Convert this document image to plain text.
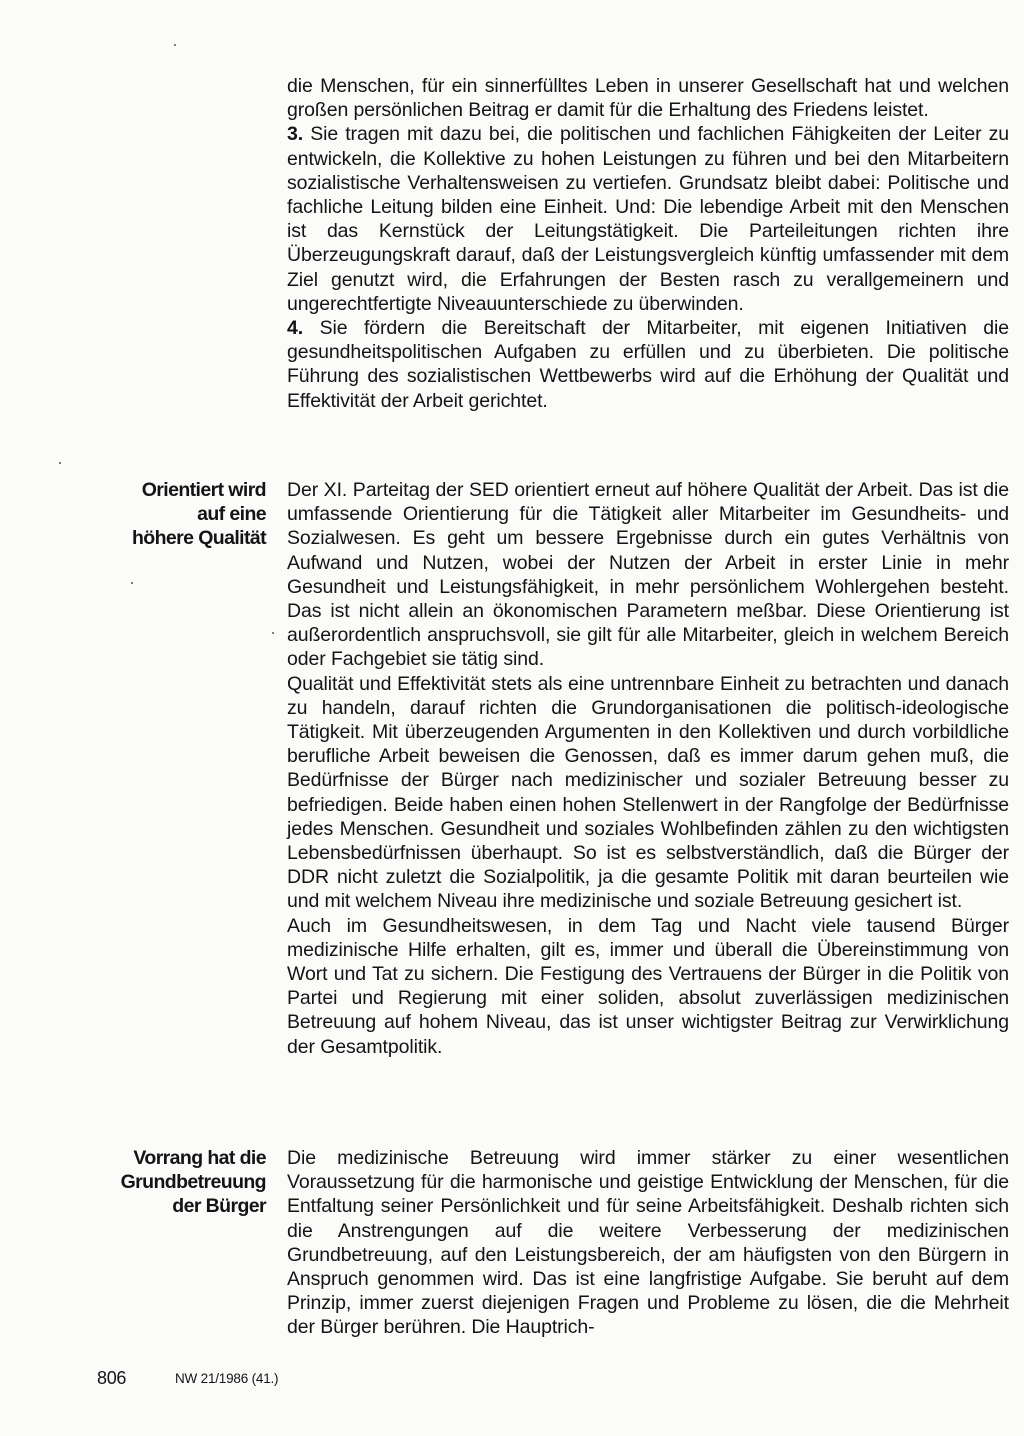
die Menschen, für ein sinnerfülltes Leben in unserer Gesellschaft hat und welchen großen persönlichen Beitrag er damit für die Erhaltung des Friedens leistet.

3. Sie tragen mit dazu bei, die politischen und fachlichen Fähigkeiten der Leiter zu entwickeln, die Kollektive zu hohen Leistungen zu führen und bei den Mitarbeitern sozialistische Verhaltensweisen zu vertiefen. Grundsatz bleibt dabei: Politische und fachliche Leitung bilden eine Einheit. Und: Die lebendige Arbeit mit den Menschen ist das Kernstück der Leitungstätigkeit. Die Parteileitungen richten ihre Überzeugungskraft darauf, daß der Leistungsvergleich künftig umfassender mit dem Ziel genutzt wird, die Erfahrungen der Besten rasch zu verallgemeinern und ungerechtfertigte Niveauunterschiede zu überwinden.

4. Sie fördern die Bereitschaft der Mitarbeiter, mit eigenen Initiativen die gesundheitspolitischen Aufgaben zu erfüllen und zu überbieten. Die politische Führung des sozialistischen Wettbewerbs wird auf die Erhöhung der Qualität und Effektivität der Arbeit gerichtet.

Orientiert wird
auf eine
höhere Qualität

Der XI. Parteitag der SED orientiert erneut auf höhere Qualität der Arbeit. Das ist die umfassende Orientierung für die Tätigkeit aller Mitarbeiter im Gesundheits- und Sozialwesen. Es geht um bessere Ergebnisse durch ein gutes Verhältnis von Aufwand und Nutzen, wobei der Nutzen der Arbeit in erster Linie in mehr Gesundheit und Leistungsfähigkeit, in mehr persönlichem Wohlergehen besteht. Das ist nicht allein an ökonomischen Parametern meßbar. Diese Orientierung ist außerordentlich anspruchsvoll, sie gilt für alle Mitarbeiter, gleich in welchem Bereich oder Fachgebiet sie tätig sind.

Qualität und Effektivität stets als eine untrennbare Einheit zu betrachten und danach zu handeln, darauf richten die Grundorganisationen die politisch-ideologische Tätigkeit. Mit überzeugenden Argumenten in den Kollektiven und durch vorbildliche berufliche Arbeit beweisen die Genossen, daß es immer darum gehen muß, die Bedürfnisse der Bürger nach medizinischer und sozialer Betreuung besser zu befriedigen. Beide haben einen hohen Stellenwert in der Rangfolge der Bedürfnisse jedes Menschen. Gesundheit und soziales Wohlbefinden zählen zu den wichtigsten Lebensbedürfnissen überhaupt. So ist es selbstverständlich, daß die Bürger der DDR nicht zuletzt die Sozialpolitik, ja die gesamte Politik mit daran beurteilen wie und mit welchem Niveau ihre medizinische und soziale Betreuung gesichert ist.

Auch im Gesundheitswesen, in dem Tag und Nacht viele tausend Bürger medizinische Hilfe erhalten, gilt es, immer und überall die Übereinstimmung von Wort und Tat zu sichern. Die Festigung des Vertrauens der Bürger in die Politik von Partei und Regierung mit einer soliden, absolut zuverlässigen medizinischen Betreuung auf hohem Niveau, das ist unser wichtigster Beitrag zur Verwirklichung der Gesamtpolitik.

Vorrang hat die
Grundbetreuung
der Bürger

Die medizinische Betreuung wird immer stärker zu einer wesentlichen Voraussetzung für die harmonische und geistige Entwicklung der Menschen, für die Entfaltung seiner Persönlichkeit und für seine Arbeitsfähigkeit. Deshalb richten sich die Anstrengungen auf die weitere Verbesserung der medizinischen Grundbetreuung, auf den Leistungsbereich, der am häufigsten von den Bürgern in Anspruch genommen wird. Das ist eine langfristige Aufgabe. Sie beruht auf dem Prinzip, immer zuerst diejenigen Fragen und Probleme zu lösen, die die Mehrheit der Bürger berühren. Die Hauptrich-

806	NW 21/1986 (41.)
